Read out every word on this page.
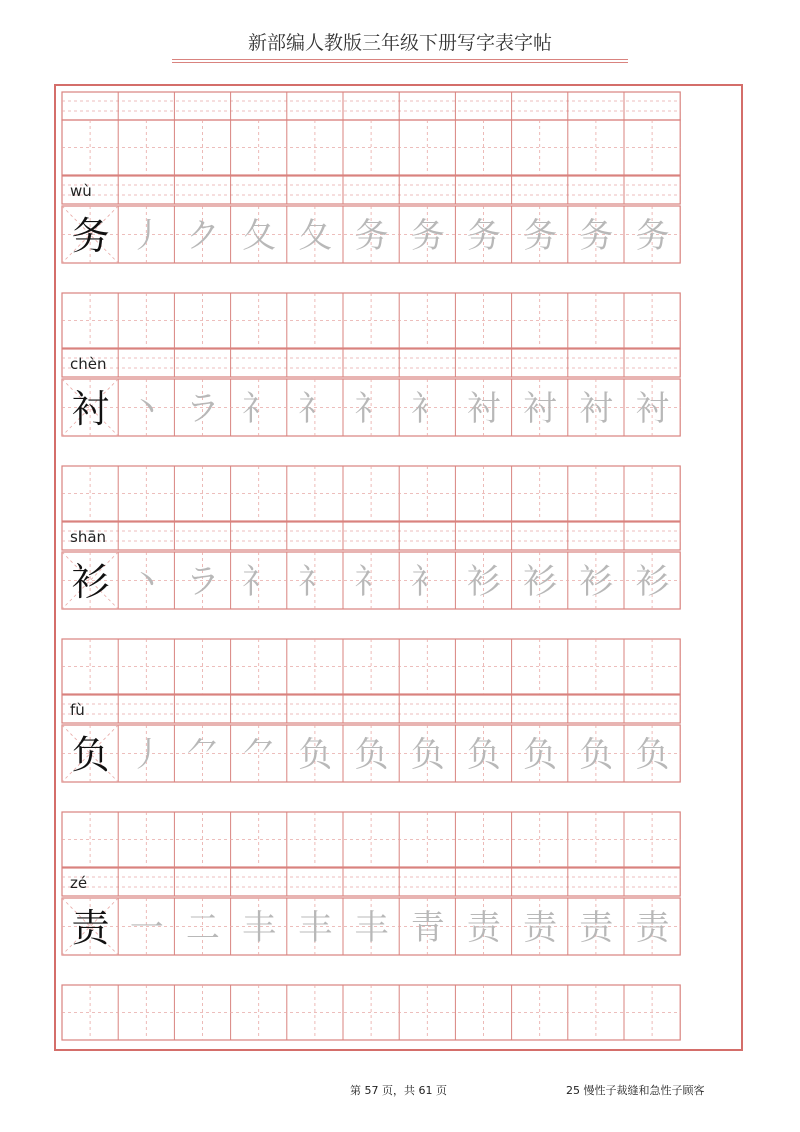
新部编人教版三年级下册写字表字帖
wù
务 丿 ク 夂 夂 务 务 务 务 务 务
chèn
衬 丶 ラ 礻 礻 礻 衤 衬 衬 衬 衬
shān
衫 丶 ラ 礻 礻 礻 衤 衫 衫 衫 衫
fù
负 丿 ⺈ ⺈ 负 负 负 负 负 负 负
zé
责 一 二 丰 丰 丰 青 责 责 责 责
第 57 页，共 61 页	25 慢性子裁缝和急性子顾客
